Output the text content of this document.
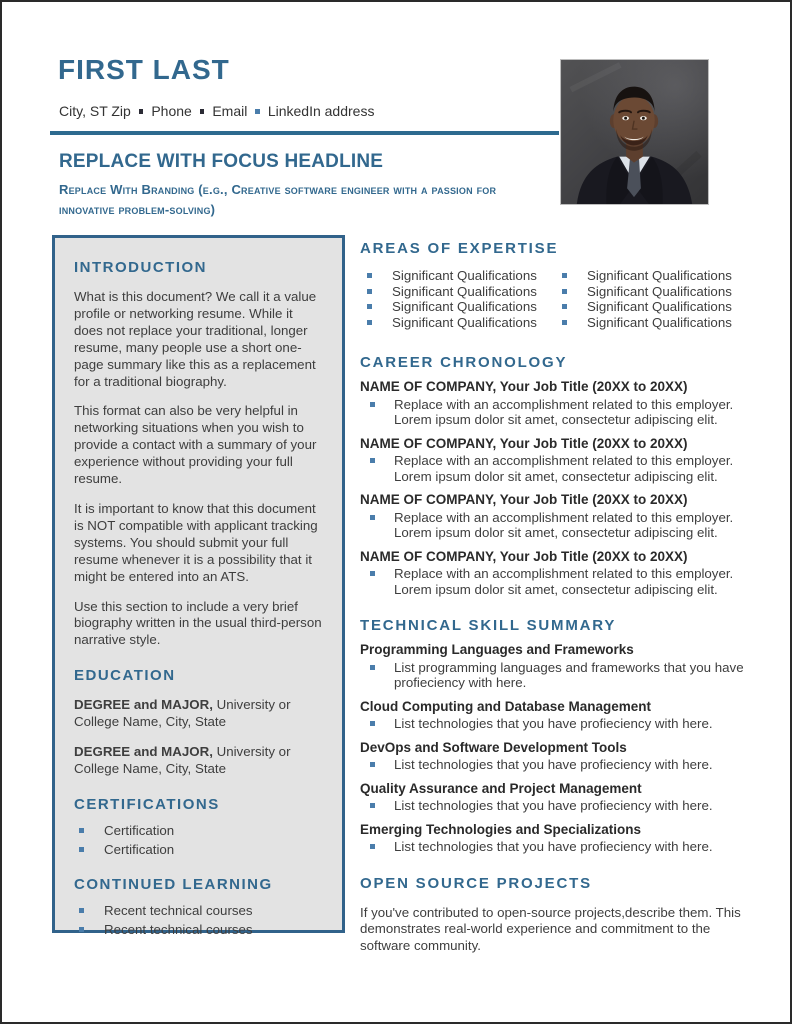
FIRST LAST
City, ST Zip Phone Email LinkedIn address
REPLACE WITH FOCUS HEADLINE
Replace With Branding (e.g., Creative software engineer with a passion for innovative problem-solving)
INTRODUCTION

What is this document? We call it a value profile or networking resume. While it does not replace your traditional, longer resume, many people use a short one-page summary like this as a replacement for a traditional biography.

This format can also be very helpful in networking situations when you wish to provide a contact with a summary of your experience without providing your full resume.

It is important to know that this document is NOT compatible with applicant tracking systems. You should submit your full resume whenever it is a possibility that it might be entered into an ATS.

Use this section to include a very brief biography written in the usual third-person narrative style.

EDUCATION

DEGREE and MAJOR, University or College Name, City, State

DEGREE and MAJOR, University or College Name, City, State

CERTIFICATIONS
Certification
Certification
CONTINUED LEARNING
Recent technical courses
Recent technical courses
AREAS OF EXPERTISE
Significant Qualifications
Significant Qualifications
Significant Qualifications
Significant Qualifications
Significant Qualifications
Significant Qualifications
Significant Qualifications
Significant Qualifications
CAREER CHRONOLOGY
NAME OF COMPANY, Your Job Title (20XX to 20XX)
Replace with an accomplishment related to this employer.
Lorem ipsum dolor sit amet, consectetur adipiscing elit.
NAME OF COMPANY, Your Job Title (20XX to 20XX)
Replace with an accomplishment related to this employer.
Lorem ipsum dolor sit amet, consectetur adipiscing elit.
NAME OF COMPANY, Your Job Title (20XX to 20XX)
Replace with an accomplishment related to this employer.
Lorem ipsum dolor sit amet, consectetur adipiscing elit.
NAME OF COMPANY, Your Job Title (20XX to 20XX)
Replace with an accomplishment related to this employer.
Lorem ipsum dolor sit amet, consectetur adipiscing elit.
TECHNICAL SKILL SUMMARY
Programming Languages and Frameworks
List programming languages and frameworks that you have
profieciency with here.
Cloud Computing and Database Management
List technologies that you have profieciency with here.
DevOps and Software Development Tools
List technologies that you have profieciency with here.
Quality Assurance and Project Management
List technologies that you have profieciency with here.
Emerging Technologies and Specializations
List technologies that you have profieciency with here.
OPEN SOURCE PROJECTS

If you've contributed to open-source projects,describe them. This demonstrates real-world experience and commitment to the software community.
